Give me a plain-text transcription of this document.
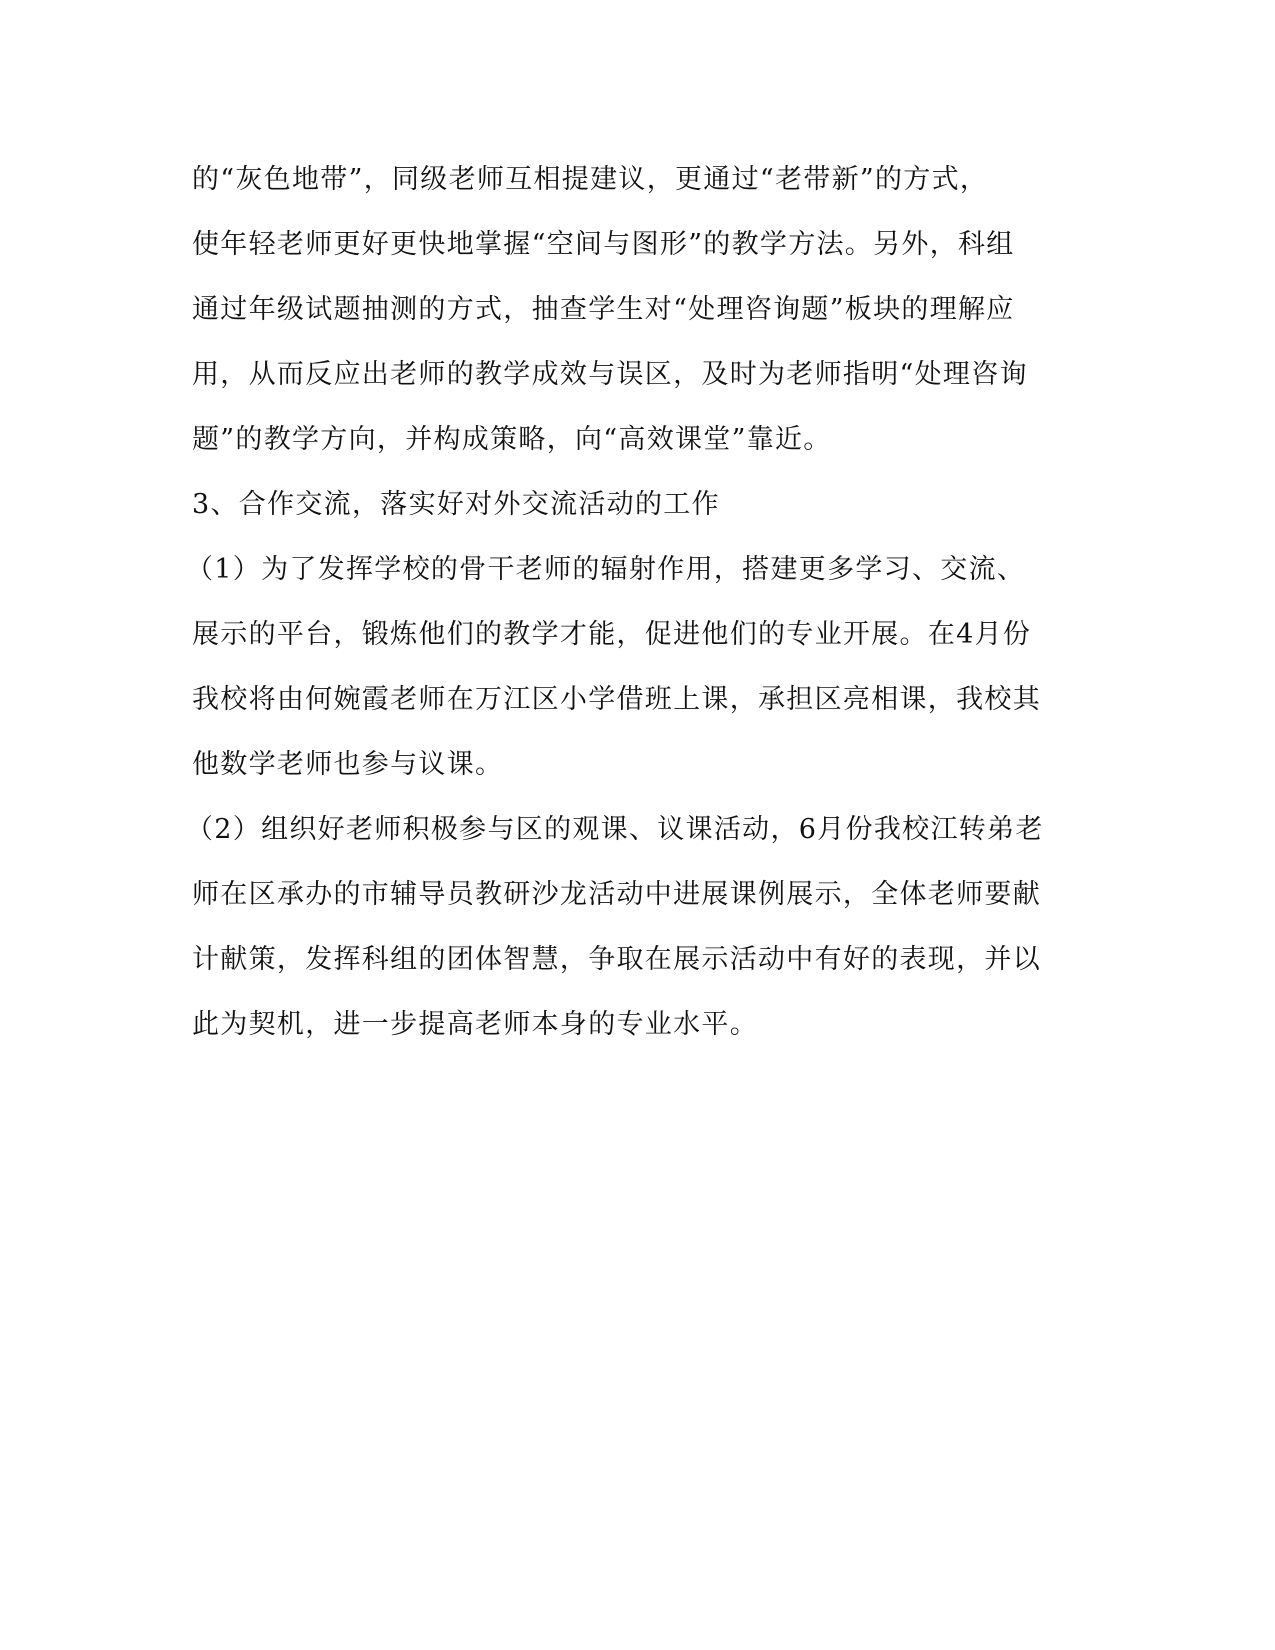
的“灰色地带”，同级老师互相提建议，更通过“老带新”的方式，
使年轻老师更好更快地掌握“空间与图形”的教学方法。另外，科组
通过年级试题抽测的方式，抽查学生对“处理咨询题”板块的理解应
用，从而反应出老师的教学成效与误区，及时为老师指明“处理咨询
题”的教学方向，并构成策略，向“高效课堂”靠近。
3、合作交流，落实好对外交流活动的工作
（1）为了发挥学校的骨干老师的辐射作用，搭建更多学习、交流、
展示的平台，锻炼他们的教学才能，促进他们的专业开展。在4月份
我校将由何婉霞老师在万江区小学借班上课，承担区亮相课，我校其
他数学老师也参与议课。
（2）组织好老师积极参与区的观课、议课活动，6月份我校江转弟老
师在区承办的市辅导员教研沙龙活动中进展课例展示，全体老师要献
计献策，发挥科组的团体智慧，争取在展示活动中有好的表现，并以
此为契机，进一步提高老师本身的专业水平。
